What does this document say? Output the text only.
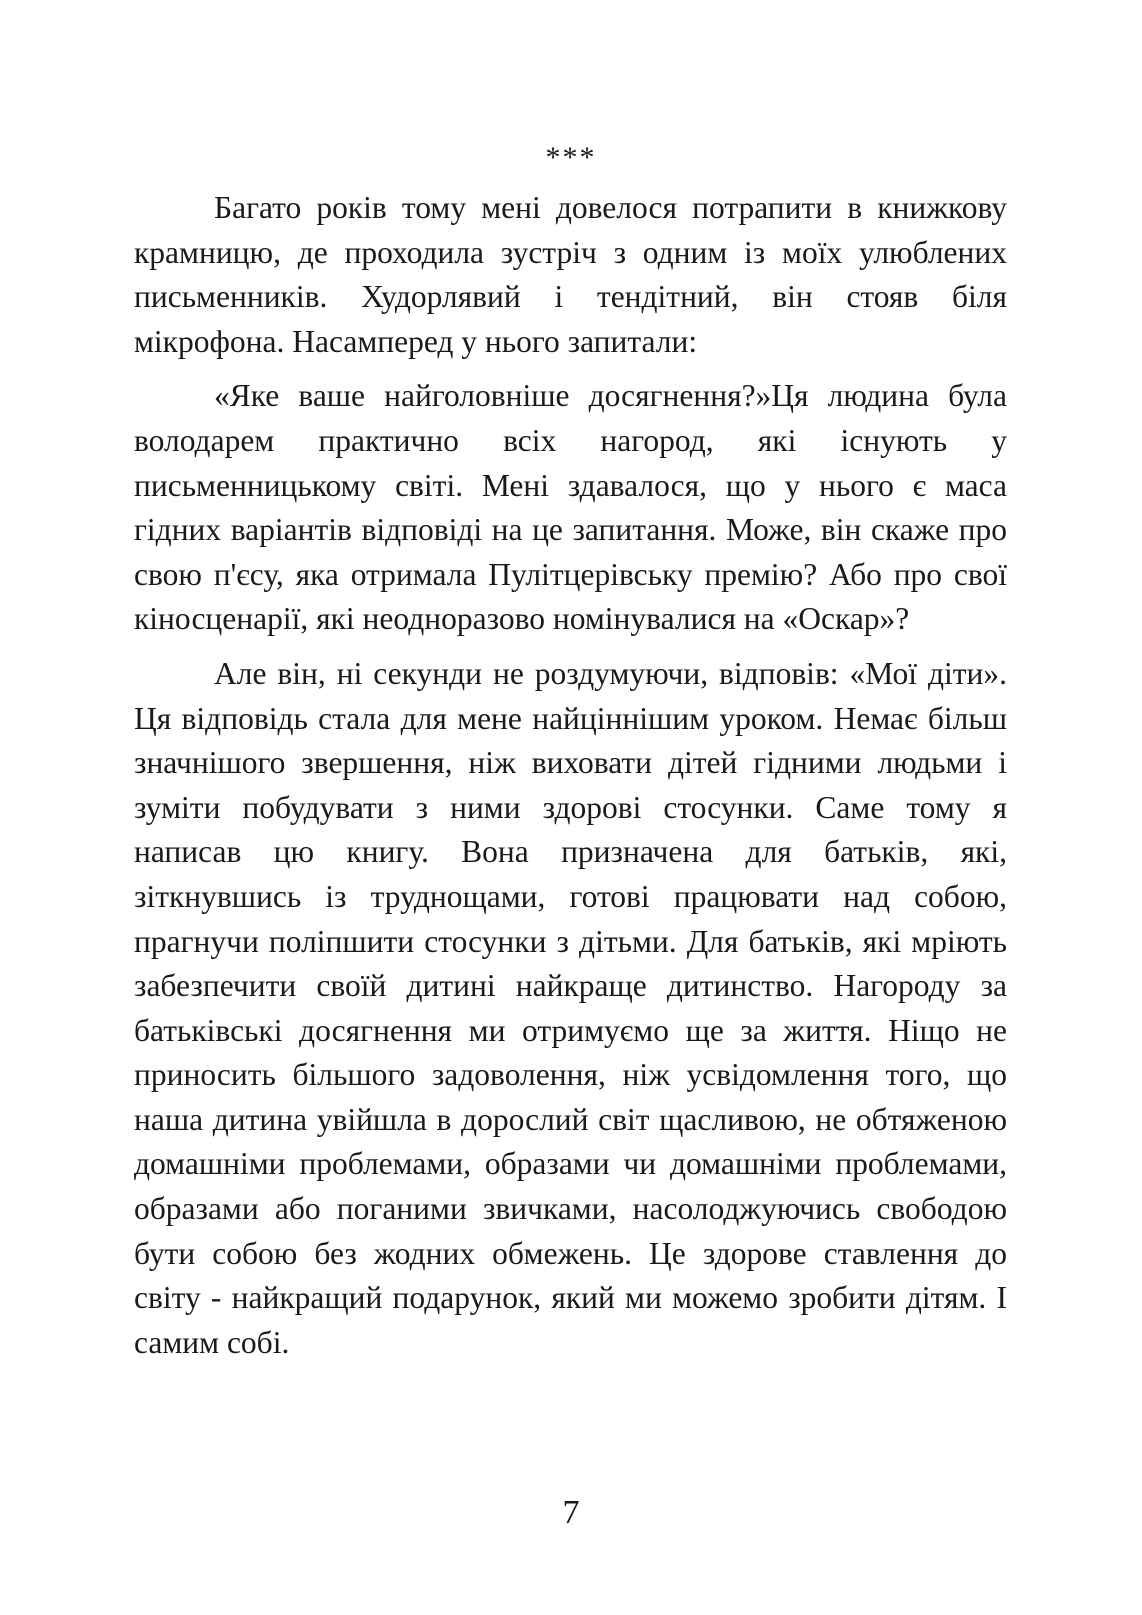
***

Багато років тому мені довелося потрапити в книжкову крамницю, де проходила зустріч з одним із моїх улюблених письменників. Худорлявий і тендітний, він стояв біля мікрофона. Насамперед у нього запитали:

«Яке ваше найголовніше досягнення?»Ця людина була володарем практично всіх нагород, які існують у письменницькому світі. Мені здавалося, що у нього є маса гідних варіантів відповіді на це запитання. Може, він скаже про свою п'єсу, яка отримала Пулітцерівську премію? Або про свої кіносценарії, які неодноразово номінувалися на «Оскар»?

Але він, ні секунди не роздумуючи, відповів: «Мої діти». Ця відповідь стала для мене найціннішим уроком. Немає більш значнішого звершення, ніж виховати дітей гідними людьми і зуміти побудувати з ними здорові стосунки. Саме тому я написав цю книгу. Вона призначена для батьків, які, зіткнувшись із труднощами, готові працювати над собою, прагнучи поліпшити стосунки з дітьми. Для батьків, які мріють забезпечити своїй дитині найкраще дитинство. Нагороду за батьківські досягнення ми отримуємо ще за життя. Ніщо не приносить більшого задоволення, ніж усвідомлення того, що наша дитина увійшла в дорослий світ щасливою, не обтяженою домашніми проблемами, образами чи домашніми проблемами, образами або поганими звичками, насолоджуючись свободою бути собою без жодних обмежень. Це здорове ставлення до світу - найкращий подарунок, який ми можемо зробити дітям. І самим собі.

7
